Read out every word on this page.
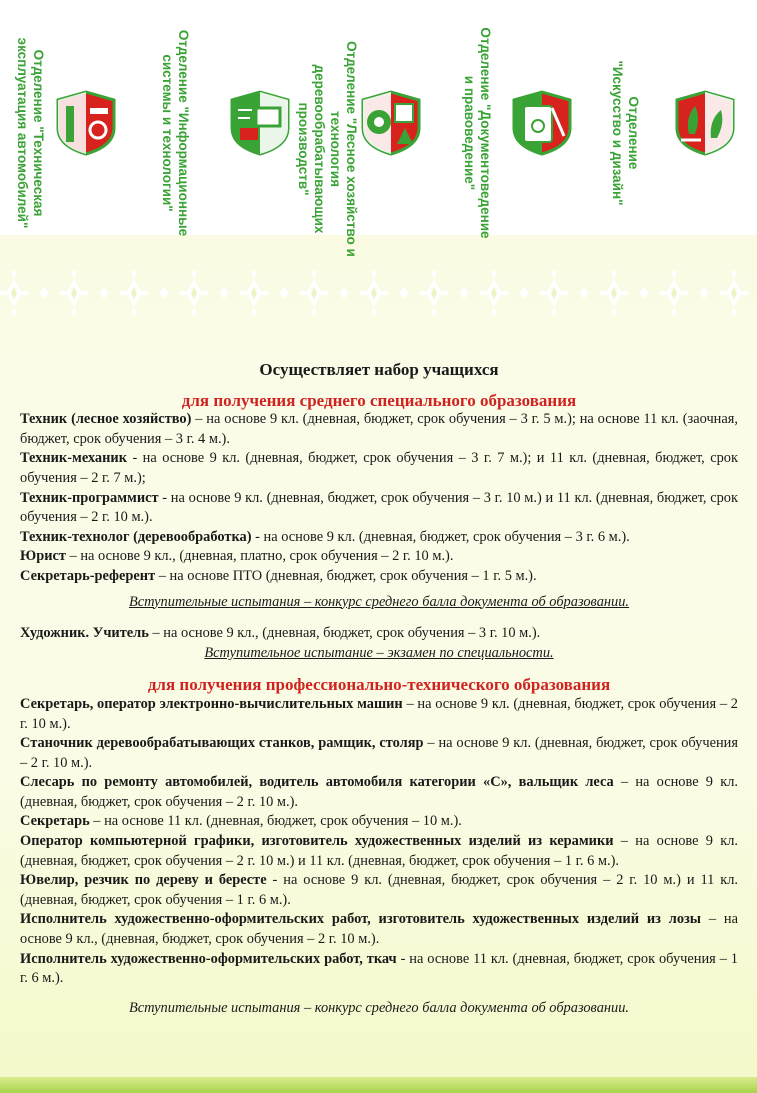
Отделение "Техническая
эксплуатация автомобилей"	Отделение "Информационные
системы и технологии"	Отделение "Лесное хозяйство и технология
деревообрабатывающих производств"	Отделение "Документоведение
и правоведение"	Отделение
"Искусство и дизайн"
Осуществляет набор учащихся
для получения среднего специального образования

Техник (лесное хозяйство) – на основе 9 кл. (дневная, бюджет, срок обучения – 3 г. 5 м.); на основе 11 кл. (заочная, бюджет, срок обучения – 3 г. 4 м.).

Техник-механик - на основе 9 кл. (дневная, бюджет, срок обучения – 3 г. 7 м.); и 11 кл. (дневная, бюджет, срок обучения – 2 г. 7 м.);

Техник-программист - на основе 9 кл. (дневная, бюджет, срок обучения – 3 г. 10 м.) и 11 кл. (дневная, бюджет, срок обучения – 2 г. 10 м.).

Техник-технолог (деревообработка) - на основе 9 кл. (дневная, бюджет, срок обучения – 3 г. 6 м.).

Юрист – на основе 9 кл., (дневная, платно, срок обучения – 2 г. 10 м.).

Секретарь-референт – на основе ПТО (дневная, бюджет, срок обучения – 1 г. 5 м.).

Вступительные испытания – конкурс среднего балла документа об образовании.

Художник. Учитель – на основе 9 кл., (дневная, бюджет, срок обучения – 3 г. 10 м.).

Вступительное испытание – экзамен по специальности.
для получения профессионально-технического образования

Секретарь, оператор электронно-вычислительных машин – на основе 9 кл. (дневная, бюджет, срок обучения – 2 г. 10 м.).

Станочник деревообрабатывающих станков, рамщик, столяр – на основе 9 кл. (дневная, бюджет, срок обучения – 2 г. 10 м.).

Слесарь по ремонту автомобилей, водитель автомобиля категории «С», вальщик леса – на основе 9 кл. (дневная, бюджет, срок обучения – 2 г. 10 м.).

Секретарь – на основе 11 кл. (дневная, бюджет, срок обучения – 10 м.).

Оператор компьютерной графики, изготовитель художественных изделий из керамики – на основе 9 кл. (дневная, бюджет, срок обучения – 2 г. 10 м.) и 11 кл. (дневная, бюджет, срок обучения – 1 г. 6 м.).

Ювелир, резчик по дереву и бересте - на основе 9 кл. (дневная, бюджет, срок обучения – 2 г. 10 м.) и 11 кл. (дневная, бюджет, срок обучения – 1 г. 6 м.).

Исполнитель художественно-оформительских работ, изготовитель художественных изделий из лозы – на основе 9 кл., (дневная, бюджет, срок обучения – 2 г. 10 м.).

Исполнитель художественно-оформительских работ, ткач - на основе 11 кл. (дневная, бюджет, срок обучения – 1 г. 6 м.).

Вступительные испытания – конкурс среднего балла документа об образовании.
